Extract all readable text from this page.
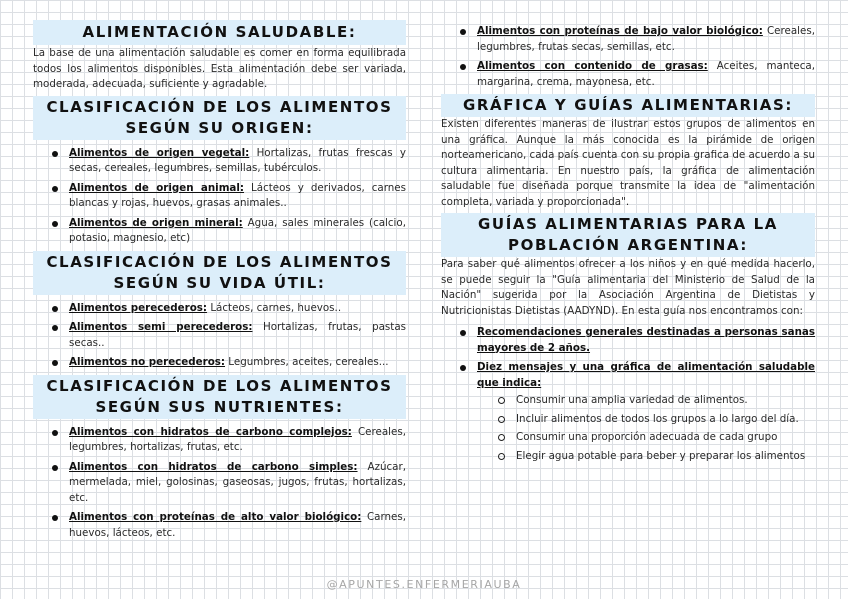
ALIMENTACIÓN SALUDABLE:

La base de una alimentación saludable es comer en forma equilibrada todos los alimentos disponibles. Esta alimentación debe ser variada, moderada, adecuada, suficiente y agradable.

CLASIFICACIÓN DE LOS ALIMENTOS SEGÚN SU ORIGEN:
Alimentos de origen vegetal: Hortalizas, frutas frescas y secas, cereales, legumbres, semillas, tubérculos.
Alimentos de origen animal: Lácteos y derivados, carnes blancas y rojas, huevos, grasas animales..
Alimentos de origen mineral: Agua, sales minerales (calcio, potasio, magnesio, etc)
CLASIFICACIÓN DE LOS ALIMENTOS SEGÚN SU VIDA ÚTIL:
Alimentos perecederos: Lácteos, carnes, huevos..
Alimentos semi perecederos: Hortalizas, frutas, pastas secas..
Alimentos no perecederos: Legumbres, aceites, cereales...
CLASIFICACIÓN DE LOS ALIMENTOS SEGÚN SUS NUTRIENTES:
Alimentos con hidratos de carbono complejos: Cereales, legumbres, hortalizas, frutas, etc.
Alimentos con hidratos de carbono simples: Azúcar, mermelada, miel, golosinas, gaseosas, jugos, frutas, hortalizas, etc.
Alimentos con proteínas de alto valor biológico: Carnes, huevos, lácteos, etc.
Alimentos con proteínas de bajo valor biológico: Cereales, legumbres, frutas secas, semillas, etc.
Alimentos con contenido de grasas: Aceites, manteca, margarina, crema, mayonesa, etc.
GRÁFICA Y GUÍAS ALIMENTARIAS:

Existen diferentes maneras de ilustrar estos grupos de alimentos en una gráfica. Aunque la más conocida es la pirámide de origen norteamericano, cada país cuenta con su propia grafica de acuerdo a su cultura alimentaria. En nuestro país, la gráfica de alimentación saludable fue diseñada porque transmite la idea de "alimentación completa, variada y proporcionada".

GUÍAS ALIMENTARIAS PARA LA POBLACIÓN ARGENTINA:

Para saber qué alimentos ofrecer a los niños y en qué medida hacerlo, se puede seguir la "Guía alimentaria del Ministerio de Salud de la Nación" sugerida por la Asociación Argentina de Dietistas y Nutricionistas Dietistas (AADYND). En esta guía nos encontramos con:

Recomendaciones generales destinadas a personas sanas mayores de 2 años.
Diez mensajes y una gráfica de alimentación saludable que indica:
Consumir una amplia variedad de alimentos.
Incluir alimentos de todos los grupos a lo largo del día.
Consumir una proporción adecuada de cada grupo
Elegir agua potable para beber y preparar los alimentos
@APUNTES.ENFERMERIAUBA
